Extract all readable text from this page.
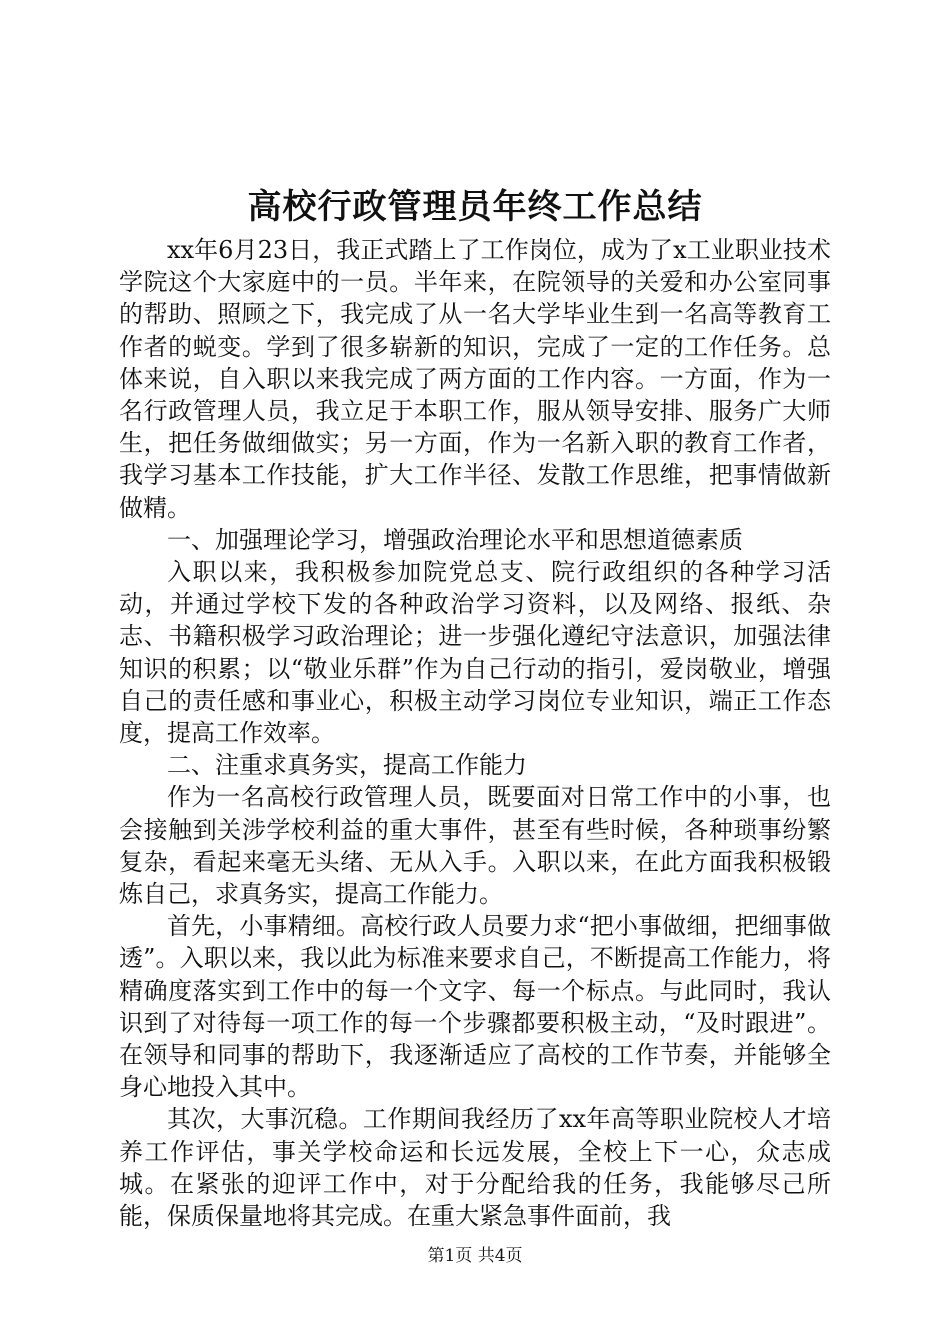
高校行政管理员年终工作总结

xx年6月23日，我正式踏上了工作岗位，成为了x工业职业技术学院这个大家庭中的一员。半年来，在院领导的关爱和办公室同事的帮助、照顾之下，我完成了从一名大学毕业生到一名高等教育工作者的蜕变。学到了很多崭新的知识，完成了一定的工作任务。总体来说，自入职以来我完成了两方面的工作内容。一方面，作为一名行政管理人员，我立足于本职工作，服从领导安排、服务广大师生，把任务做细做实；另一方面，作为一名新入职的教育工作者，我学习基本工作技能，扩大工作半径、发散工作思维，把事情做新做精。

一、加强理论学习，增强政治理论水平和思想道德素质

入职以来，我积极参加院党总支、院行政组织的各种学习活动，并通过学校下发的各种政治学习资料，以及网络、报纸、杂志、书籍积极学习政治理论；进一步强化遵纪守法意识，加强法律知识的积累；以“敬业乐群”作为自己行动的指引，爱岗敬业，增强自己的责任感和事业心，积极主动学习岗位专业知识，端正工作态度，提高工作效率。

二、注重求真务实，提高工作能力

作为一名高校行政管理人员，既要面对日常工作中的小事，也会接触到关涉学校利益的重大事件，甚至有些时候，各种琐事纷繁复杂，看起来毫无头绪、无从入手。入职以来，在此方面我积极锻炼自己，求真务实，提高工作能力。

首先，小事精细。高校行政人员要力求“把小事做细，把细事做透”。入职以来，我以此为标准来要求自己，不断提高工作能力，将精确度落实到工作中的每一个文字、每一个标点。与此同时，我认识到了对待每一项工作的每一个步骤都要积极主动，“及时跟进”。在领导和同事的帮助下，我逐渐适应了高校的工作节奏，并能够全身心地投入其中。

其次，大事沉稳。工作期间我经历了xx年高等职业院校人才培养工作评估，事关学校命运和长远发展，全校上下一心，众志成城。在紧张的迎评工作中，对于分配给我的任务，我能够尽己所能，保质保量地将其完成。在重大紧急事件面前，我

第1页 共4页
